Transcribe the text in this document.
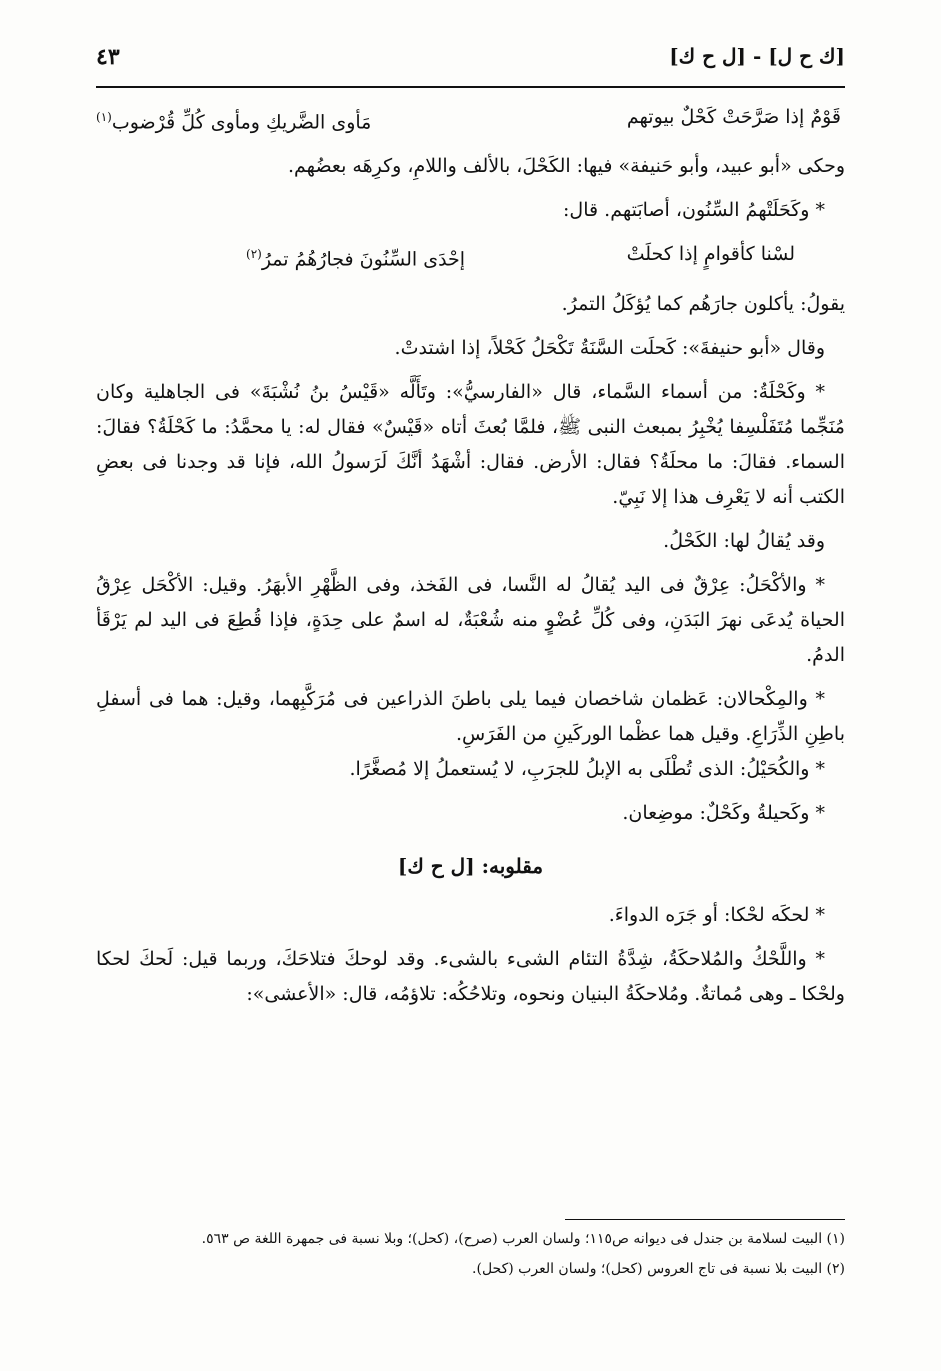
[ك ح ل] - [ل ح ك]
٤٣
قَوْمٌ إذا صَرَّحَتْ كَحْلٌ بيوتهم
مَأوى الضَّريكِ ومأوى كُلِّ قُرْضوب$^{(١)}$

وحكى «أبو عبيد، وأبو حَنيفة» فيها: الكَحْلَ، بالألف واللامِ، وكرِهَه بعضُهم.

* وكَحَلَتْهمُ السِّنُون، أصابَتهم. قال:

لسْنا كأقوامٍ إذا كحلَتْ
إحْدَى السِّنُونَ فجارُهُمُ تمرُ$^{(٢)}$

يقولُ: يأكلون جارَهُم كما يُؤكَلُ التمرُ.

وقال «أبو حنيفةَ»: كَحلَت السَّنَةُ تَكْحَلُ كَحْلاً، إذا اشتدتْ.

* وكَحْلَةُ: من أسماء السَّماء، قال «الفارسيُّ»: وتَأَلَّه «قَيْسُ بنُ نُشْبَةَ» فى الجاهلية وكان مُنَجِّما مُتَفَلْسِفا يُخْبِرُ بمبعث النبى ﷺ، فلمَّا بُعثَ أتاه «قَيْسٌ» فقال له: يا محمَّدُ: ما كَحْلَةُ؟ فقالَ: السماء. فقالَ: ما محلَةُ؟ فقال: الأرض. فقال: أشْهَدُ أنَّكَ لَرَسولُ الله، فإنا قد وجدنا فى بعضِ الكتب أنه لا يَعْرِف هذا إلا نَبِيّ.

وقد يُقالُ لها: الكَحْلُ.

* والأكْحَلُ: عِرْقٌ فى اليد يُقالُ له النَّسا، فى الفَخذ، وفى الظَّهْرِ الأبهَرُ. وقيل: الأكْحَل عِرْقُ الحياة يُدعَى نهرَ البَدَنِ، وفى كُلِّ عُضْوٍ منه شُعْبَةٌ، له اسمٌ على حِدَةٍ، فإذا قُطِعَ فى اليد لم يَرْقَأ الدمُ.

* والمِكْحالان: عَظمان شاخصان فيما يلى باطنَ الذراعين فى مُرَكَّبِهما، وقيل: هما فى أسفلِ باطِنِ الذِّرَاعِ. وقيل هما عظْما الوركَينِ من الفَرَسِ.

* والكُحَيْلُ: الذى تُطْلَى به الإبلُ للجرَبِ، لا يُستعملُ إلا مُصغَّرًا.

* وكَحيلةُ وكَحْلٌ: موضِعان.

مقلوبه: [ل ح ك]

* لحكَه لحْكا: أو جَرَه الدواءَ.

* واللَّحْكُ والمُلاحكَةُ، شِدَّةُ التئام الشىء بالشىء. وقد لوحكَ فتلاحَكَ، وربما قيل: لَحكَ لحكا ولحْكا ـ وهى مُماتةٌ. ومُلاحكَةُ البنيان ونحوه، وتلاحُكُه: تلاؤمُه، قال: «الأعشى»:

(١) البيت لسلامة بن جندل فى ديوانه ص١١٥؛ ولسان العرب (صرح)، (كحل)؛ وبلا نسبة فى جمهرة اللغة ص ٥٦٣.

(٢) البيت بلا نسبة فى تاج العروس (كحل)؛ ولسان العرب (كحل).
